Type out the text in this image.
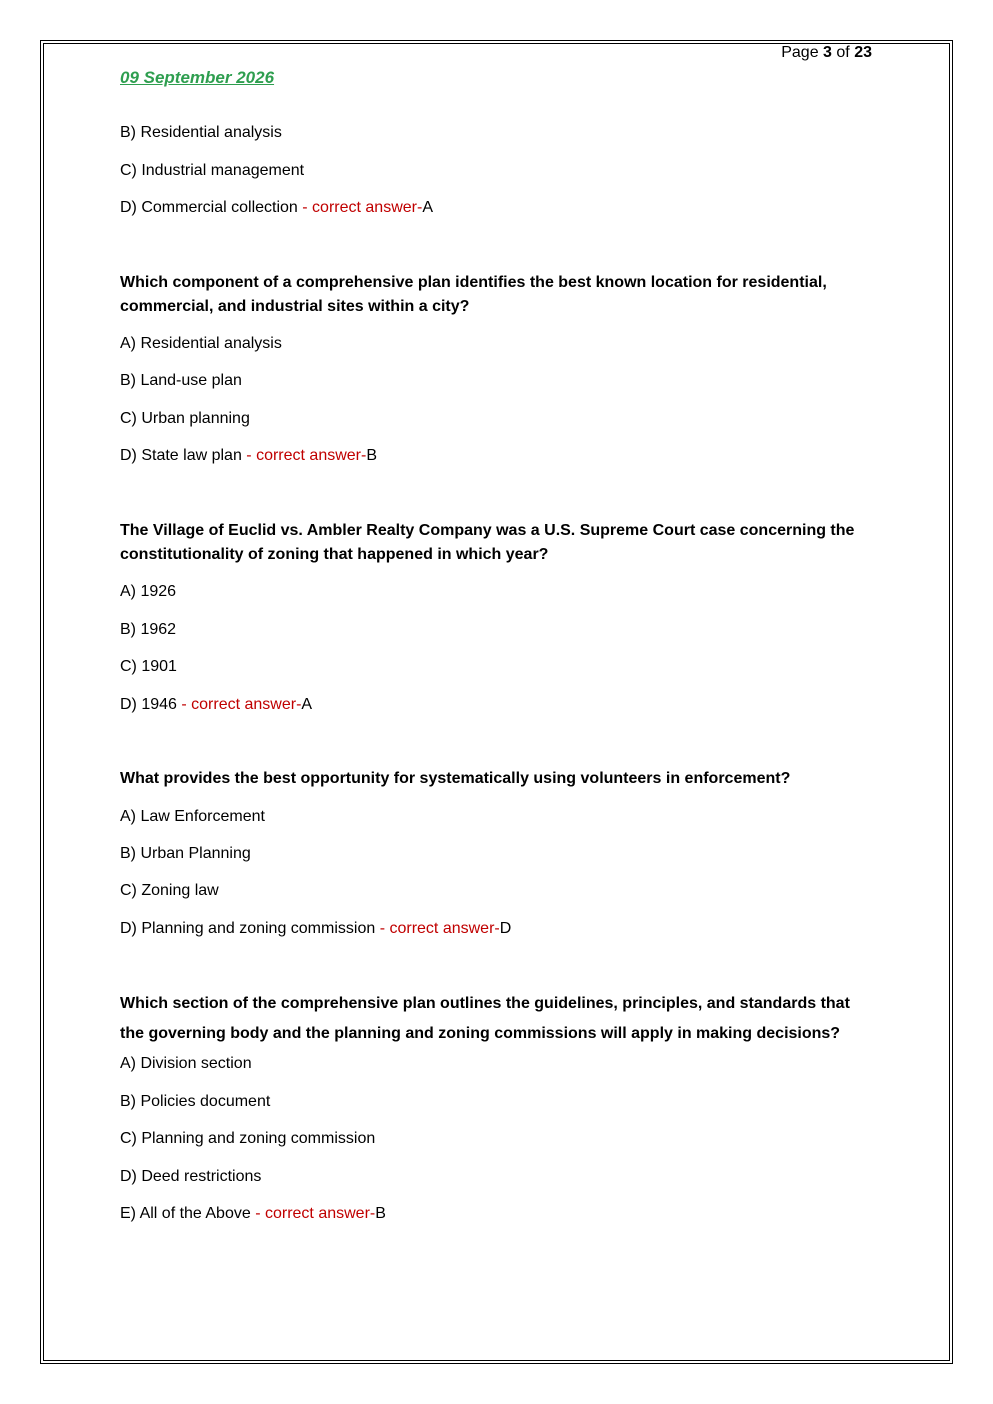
Page 3 of 23
09 September 2026
B) Residential analysis
C) Industrial management
D) Commercial collection - correct answer-A
Which component of a comprehensive plan identifies the best known location for residential, commercial, and industrial sites within a city?
A) Residential analysis
B) Land-use plan
C) Urban planning
D) State law plan - correct answer-B
The Village of Euclid vs. Ambler Realty Company was a U.S. Supreme Court case concerning the constitutionality of zoning that happened in which year?
A) 1926
B) 1962
C) 1901
D) 1946 - correct answer-A
What provides the best opportunity for systematically using volunteers in enforcement?
A) Law Enforcement
B) Urban Planning
C) Zoning law
D) Planning and zoning commission - correct answer-D
Which section of the comprehensive plan outlines the guidelines, principles, and standards that the governing body and the planning and zoning commissions will apply in making decisions? A) Division section
B) Policies document
C) Planning and zoning commission
D) Deed restrictions
E) All of the Above - correct answer-B
